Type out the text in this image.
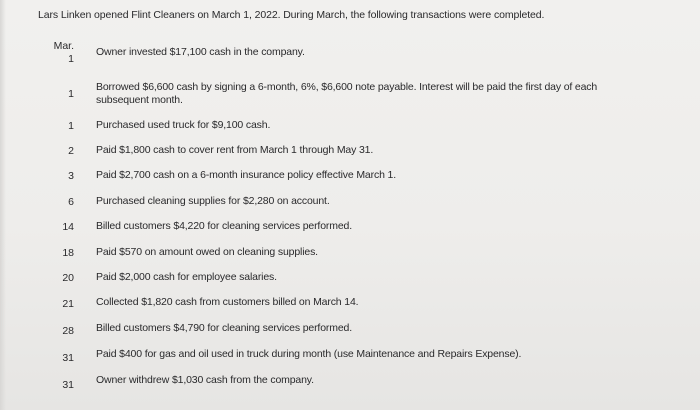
Lars Linken opened Flint Cleaners on March 1, 2022. During March, the following transactions were completed.
Mar.
1
Owner invested $17,100 cash in the company.
1
Borrowed $6,600 cash by signing a 6-month, 6%, $6,600 note payable. Interest will be paid the first day of each subsequent month.
1 Purchased used truck for $9,100 cash.
2 Paid $1,800 cash to cover rent from March 1 through May 31.
3 Paid $2,700 cash on a 6-month insurance policy effective March 1.
6 Purchased cleaning supplies for $2,280 on account.
14 Billed customers $4,220 for cleaning services performed.
18 Paid $570 on amount owed on cleaning supplies.
20 Paid $2,000 cash for employee salaries.
21 Collected $1,820 cash from customers billed on March 14.
28 Billed customers $4,790 for cleaning services performed.
31 Paid $400 for gas and oil used in truck during month (use Maintenance and Repairs Expense).
31 Owner withdrew $1,030 cash from the company.
